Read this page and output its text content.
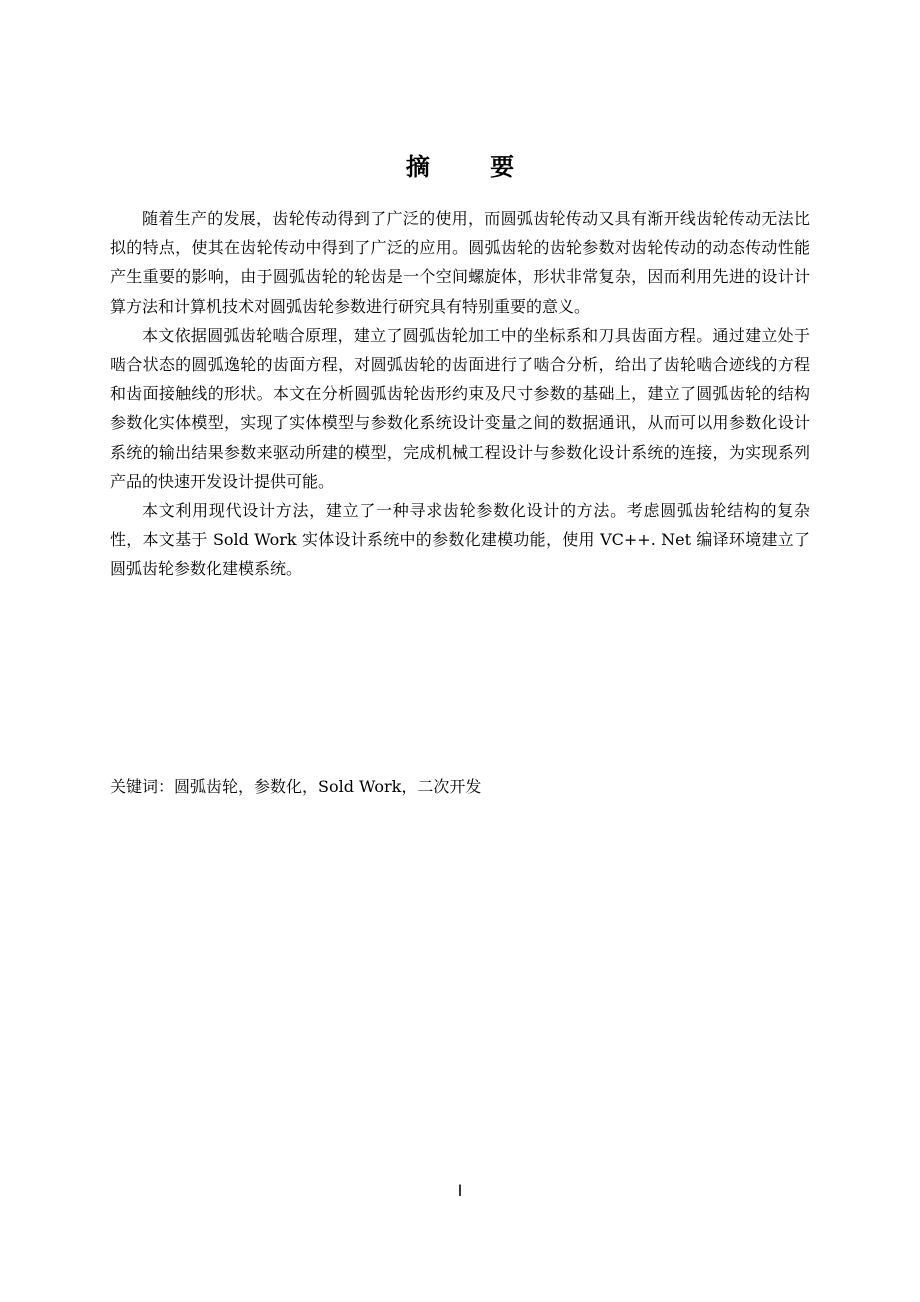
摘 要

随着生产的发展，齿轮传动得到了广泛的使用，而圆弧齿轮传动又具有渐开线齿轮传动无法比拟的特点，使其在齿轮传动中得到了广泛的应用。圆弧齿轮的齿轮参数对齿轮传动的动态传动性能产生重要的影响，由于圆弧齿轮的轮齿是一个空间螺旋体，形状非常复杂，因而利用先进的设计计算方法和计算机技术对圆弧齿轮参数进行研究具有特别重要的意义。

本文依据圆弧齿轮啮合原理，建立了圆弧齿轮加工中的坐标系和刀具齿面方程。通过建立处于啮合状态的圆弧逸轮的齿面方程，对圆弧齿轮的齿面进行了啮合分析，给出了齿轮啮合迹线的方程和齿面接触线的形状。本文在分析圆弧齿轮齿形约束及尺寸参数的基础上，建立了圆弧齿轮的结构参数化实体模型，实现了实体模型与参数化系统设计变量之间的数据通讯，从而可以用参数化设计系统的输出结果参数来驱动所建的模型，完成机械工程设计与参数化设计系统的连接，为实现系列产品的快速开发设计提供可能。

本文利用现代设计方法，建立了一种寻求齿轮参数化设计的方法。考虑圆弧齿轮结构的复杂性，本文基于 Sold Work 实体设计系统中的参数化建模功能，使用 VC++. Net 编译环境建立了圆弧齿轮参数化建模系统。

关键词：圆弧齿轮，参数化，Sold Work，二次开发
I
